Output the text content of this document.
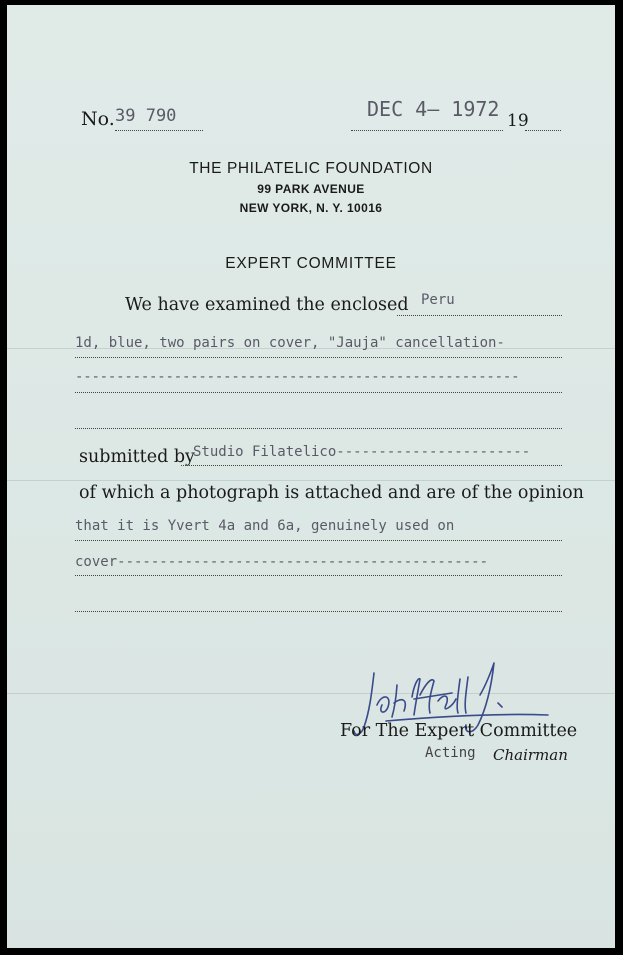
No. 39 790	DEC 4— 1972 19
THE PHILATELIC FOUNDATION
99 PARK AVENUE
NEW YORK, N. Y. 10016
EXPERT COMMITTEE
We have examined the enclosed Peru
1d, blue, two pairs on cover, "Jauja" cancellation-
------------------------------------------------------
submitted by
Studio Filatelico-----------------------
of which a photograph is attached and are of the opinion
that it is Yvert 4a and 6a, genuinely used on
cover--------------------------------------------
For The Expert Committee
Acting Chairman
